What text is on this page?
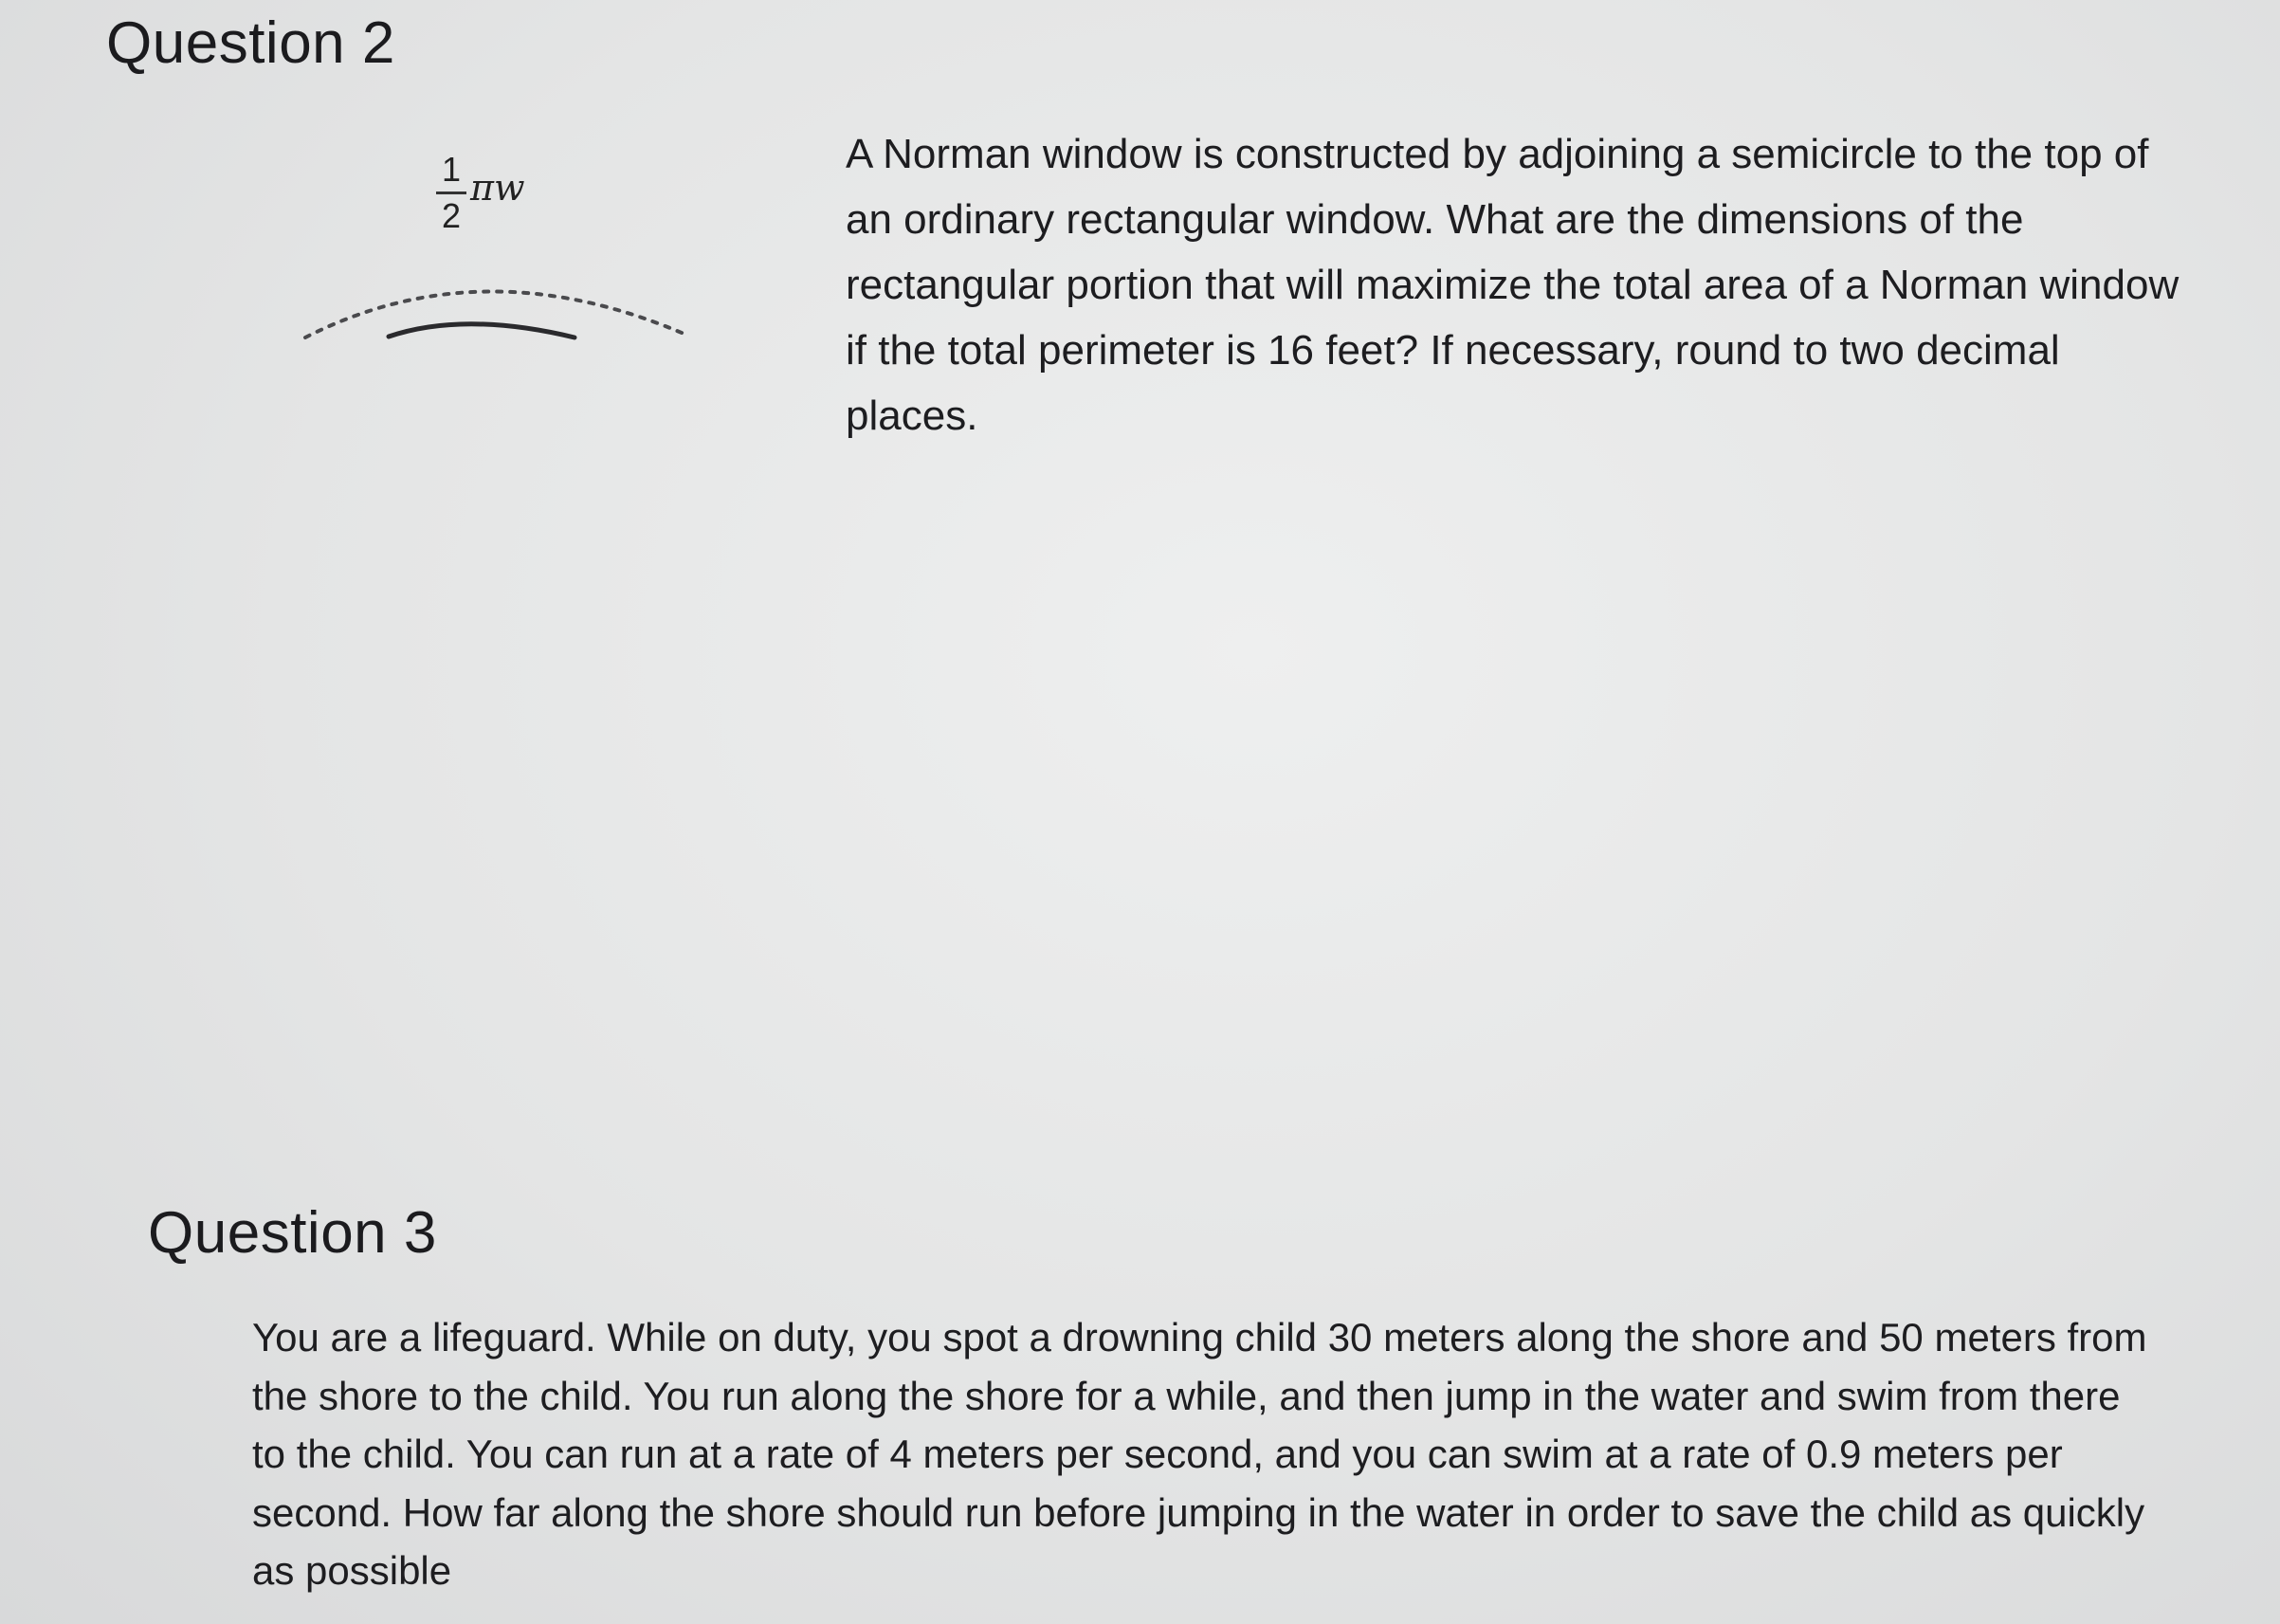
Question 2
$\frac{1}{2}$ πw

A Norman window is constructed by adjoining a semicircle to the top of an ordinary rectangular window. What are the dimensions of the rectangular portion that will maximize the total area of a Norman window if the total perimeter is 16 feet? If necessary, round to two decimal places.

Question 3

You are a lifeguard. While on duty, you spot a drowning child 30 meters along the shore and 50 meters from the shore to the child. You run along the shore for a while, and then jump in the water and swim from there to the child. You can run at a rate of 4 meters per second, and you can swim at a rate of 0.9 meters per second. How far along the shore should run before jumping in the water in order to save the child as quickly as possible
